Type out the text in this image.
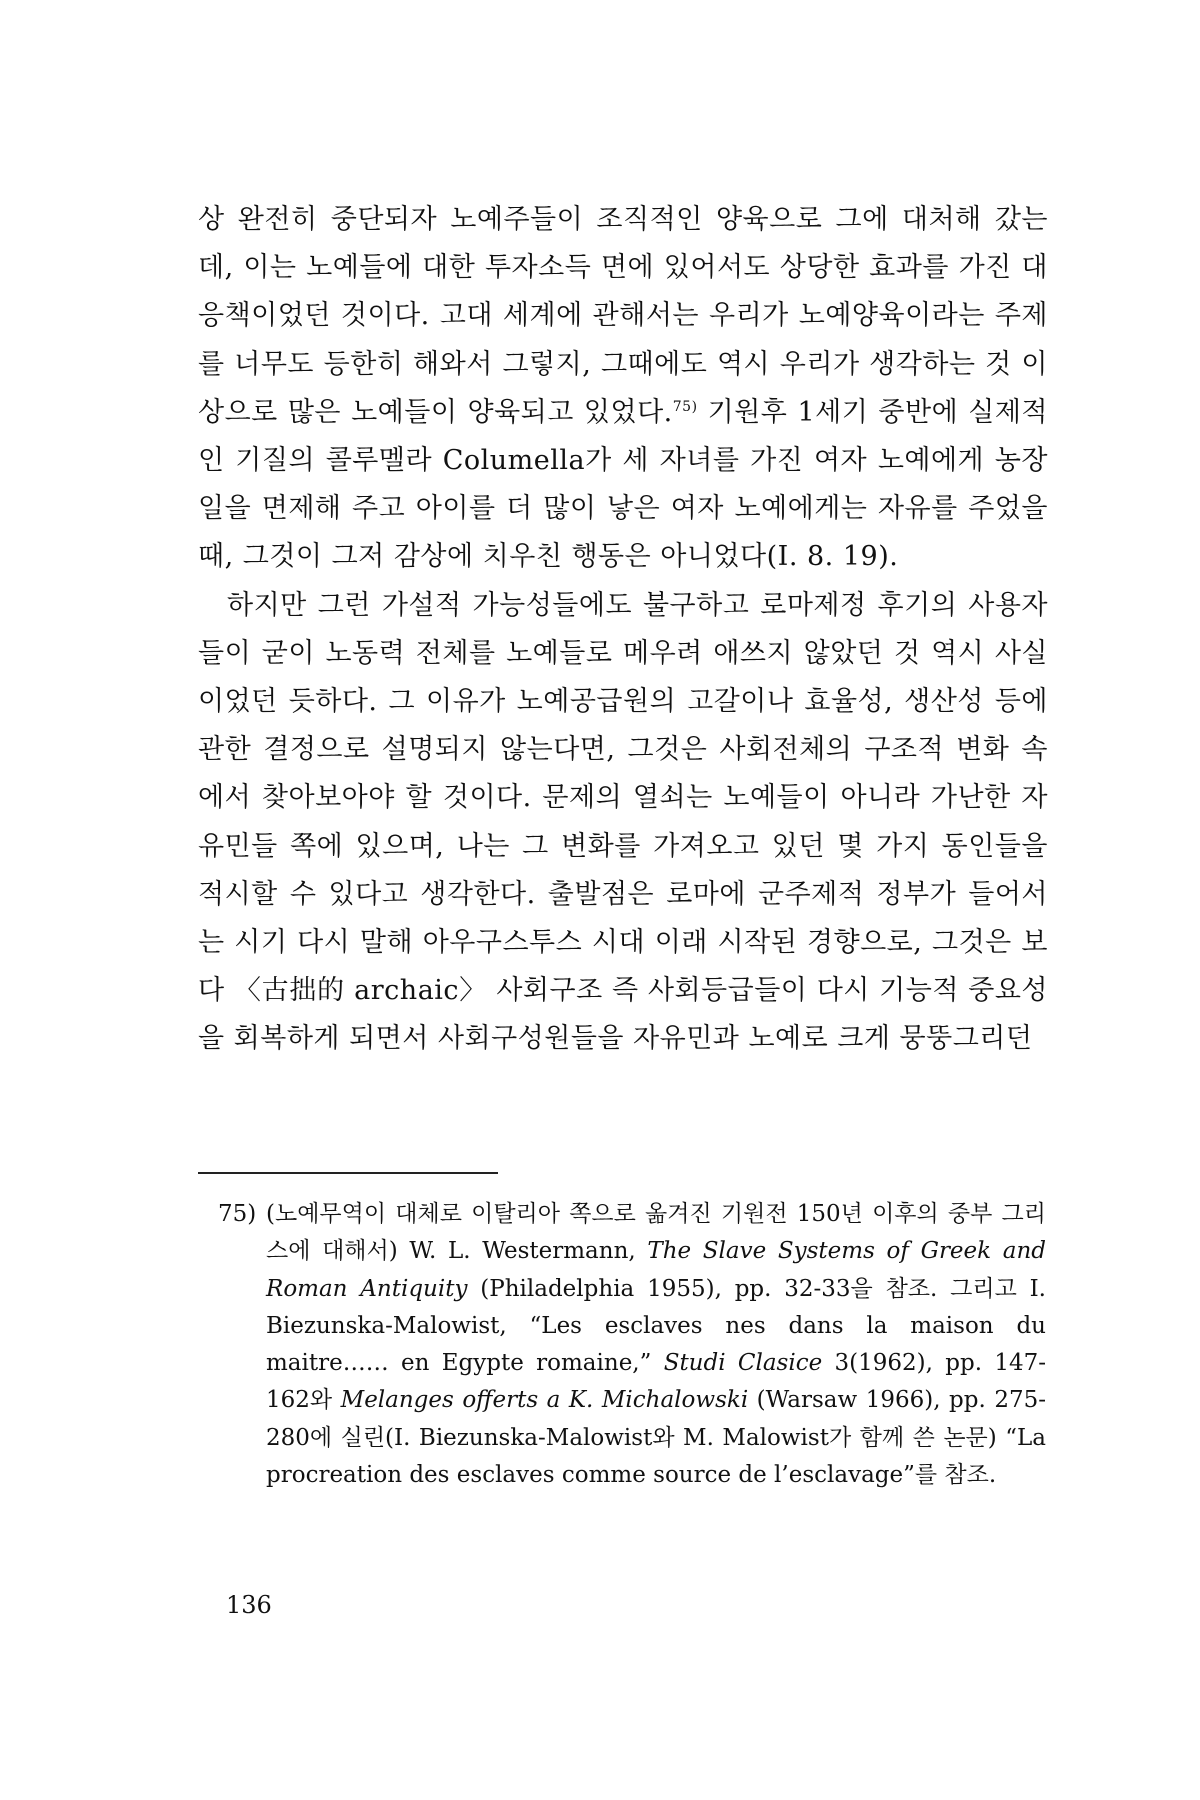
상 완전히 중단되자 노예주들이 조직적인 양육으로 그에 대처해 갔는데, 이는 노예들에 대한 투자소득 면에 있어서도 상당한 효과를 가진 대응책이었던 것이다. 고대 세계에 관해서는 우리가 노예양육이라는 주제를 너무도 등한히 해와서 그렇지, 그때에도 역시 우리가 생각하는 것 이상으로 많은 노예들이 양육되고 있었다.$^{75)}$ 기원후 1세기 중반에 실제적인 기질의 콜루멜라 Columella가 세 자녀를 가진 여자 노예에게 농장일을 면제해 주고 아이를 더 많이 낳은 여자 노예에게는 자유를 주었을 때, 그것이 그저 감상에 치우친 행동은 아니었다(I. 8. 19).

하지만 그런 가설적 가능성들에도 불구하고 로마제정 후기의 사용자들이 굳이 노동력 전체를 노예들로 메우려 애쓰지 않았던 것 역시 사실이었던 듯하다. 그 이유가 노예공급원의 고갈이나 효율성, 생산성 등에 관한 결정으로 설명되지 않는다면, 그것은 사회전체의 구조적 변화 속에서 찾아보아야 할 것이다. 문제의 열쇠는 노예들이 아니라 가난한 자유민들 쪽에 있으며, 나는 그 변화를 가져오고 있던 몇 가지 동인들을 적시할 수 있다고 생각한다. 출발점은 로마에 군주제적 정부가 들어서는 시기 다시 말해 아우구스투스 시대 이래 시작된 경향으로, 그것은 보다 〈古拙的 archaic〉 사회구조 즉 사회등급들이 다시 기능적 중요성을 회복하게 되면서 사회구성원들을 자유민과 노예로 크게 뭉뚱그리던

75) (노예무역이 대체로 이탈리아 쪽으로 옮겨진 기원전 150년 이후의 중부 그리스에 대해서) W. L. Westermann, The Slave Systems of Greek and Roman Antiquity (Philadelphia 1955), pp. 32-33을 참조. 그리고 I. Biezunska-Malowist, “Les esclaves nes dans la maison du maitre…… en Egypte romaine,” Studi Clasice 3(1962), pp. 147-162와 Melanges offerts a K. Michalowski (Warsaw 1966), pp. 275-280에 실린(I. Biezunska-Malowist와 M. Malowist가 함께 쓴 논문) “La procreation des esclaves comme source de l’esclavage”를 참조.
136
